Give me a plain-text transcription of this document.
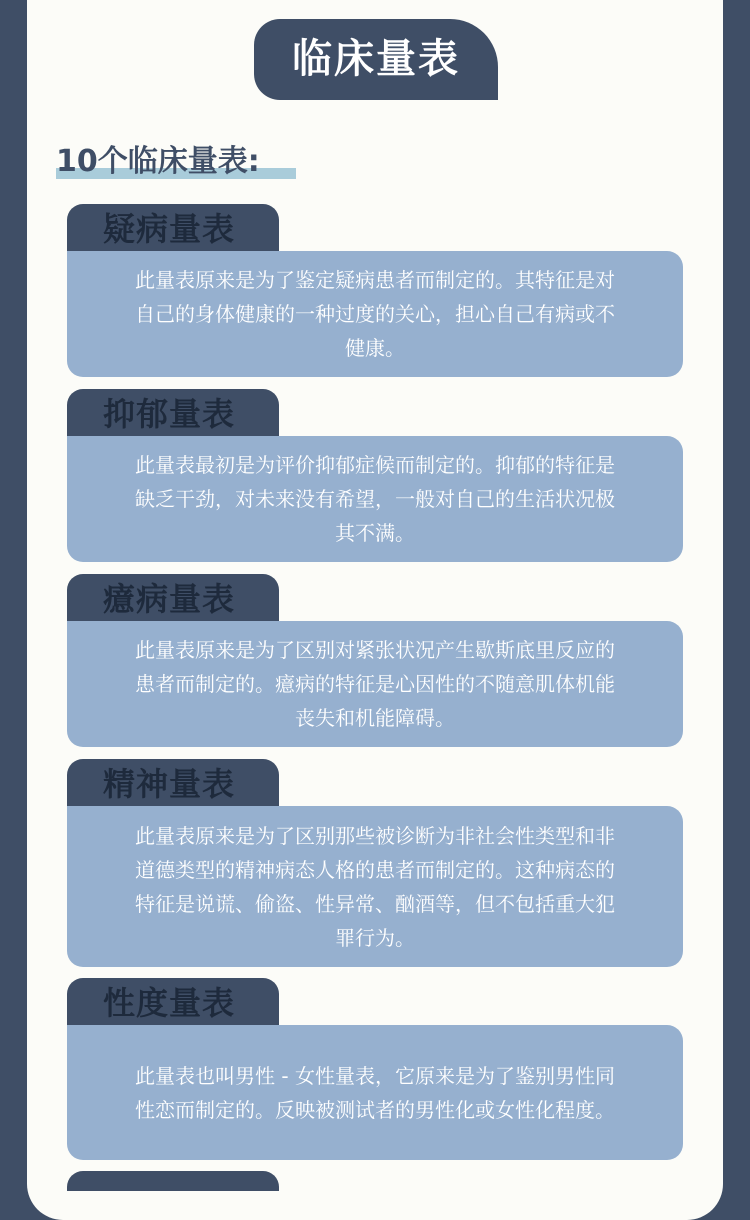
临床量表
10个临床量表:
此量表原来是为了鉴定疑病患者而制定的。其特征是对自己的身体健康的一种过度的关心，担心自己有病或不健康。
疑病量表
此量表最初是为评价抑郁症候而制定的。抑郁的特征是缺乏干劲，对未来没有希望，一般对自己的生活状况极其不满。
抑郁量表
此量表原来是为了区别对紧张状况产生歇斯底里反应的患者而制定的。癔病的特征是心因性的不随意肌体机能丧失和机能障碍。
癔病量表
此量表原来是为了区别那些被诊断为非社会性类型和非道德类型的精神病态人格的患者而制定的。这种病态的特征是说谎、偷盗、性异常、酗酒等，但不包括重大犯罪行为。
精神量表
此量表也叫男性 - 女性量表，它原来是为了鉴别男性同性恋而制定的。反映被测试者的男性化或女性化程度。
性度量表
